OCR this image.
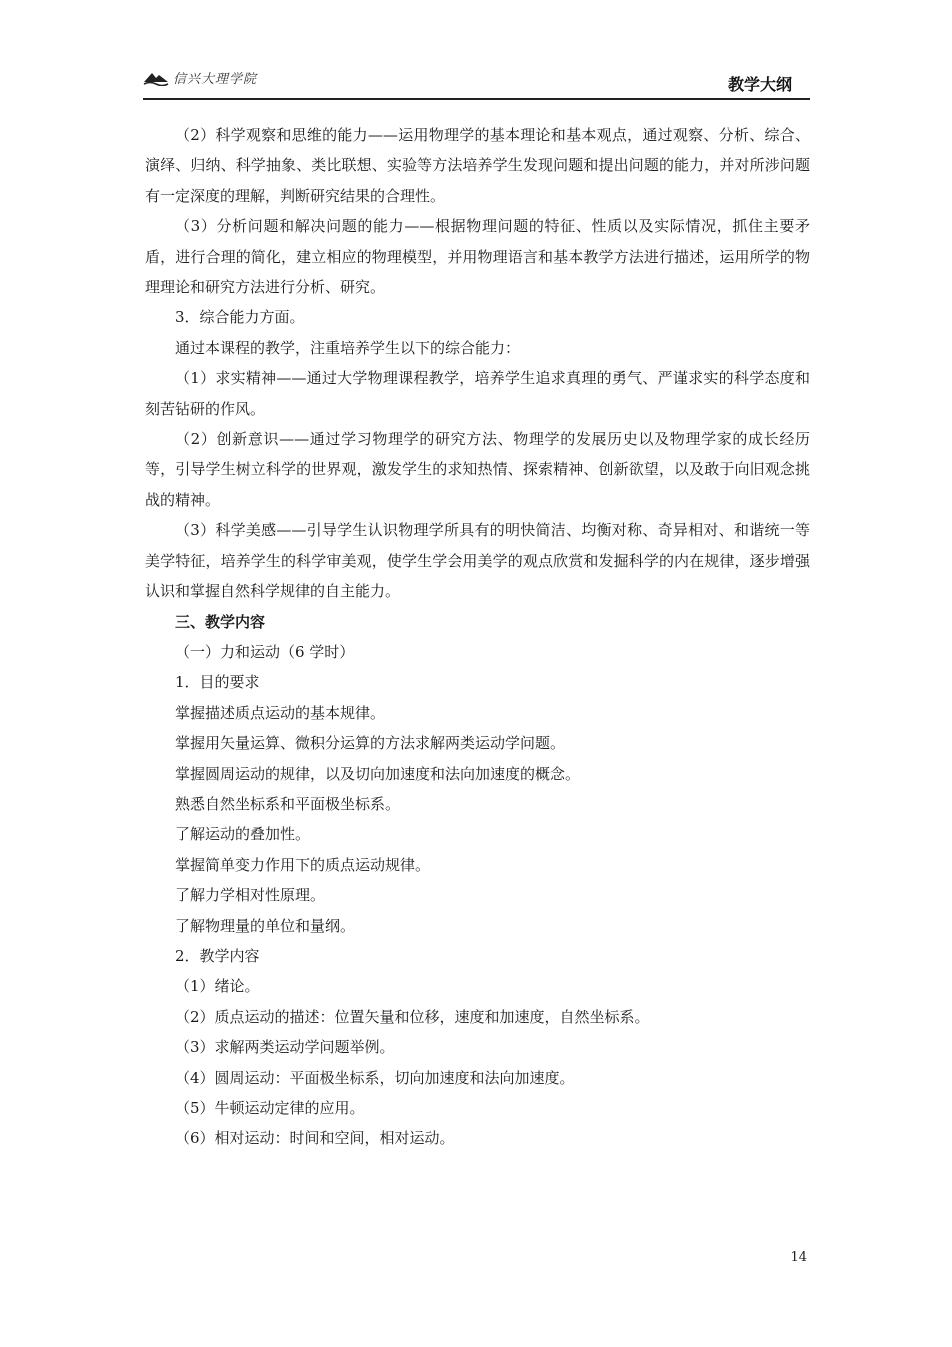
信兴大理学院	教学大纲

（2）科学观察和思维的能力——运用物理学的基本理论和基本观点，通过观察、分析、综合、演绎、归纳、科学抽象、类比联想、实验等方法培养学生发现问题和提出问题的能力，并对所涉问题有一定深度的理解，判断研究结果的合理性。

（3）分析问题和解决问题的能力——根据物理问题的特征、性质以及实际情况，抓住主要矛盾，进行合理的简化，建立相应的物理模型，并用物理语言和基本教学方法进行描述，运用所学的物理理论和研究方法进行分析、研究。

3．综合能力方面。

通过本课程的教学，注重培养学生以下的综合能力：

（1）求实精神——通过大学物理课程教学，培养学生追求真理的勇气、严谨求实的科学态度和刻苦钻研的作风。

（2）创新意识——通过学习物理学的研究方法、物理学的发展历史以及物理学家的成长经历等，引导学生树立科学的世界观，激发学生的求知热情、探索精神、创新欲望，以及敢于向旧观念挑战的精神。

（3）科学美感——引导学生认识物理学所具有的明快简洁、均衡对称、奇异相对、和谐统一等美学特征，培养学生的科学审美观，使学生学会用美学的观点欣赏和发掘科学的内在规律，逐步增强认识和掌握自然科学规律的自主能力。

三、教学内容

（一）力和运动（6 学时）

1．目的要求

掌握描述质点运动的基本规律。

掌握用矢量运算、微积分运算的方法求解两类运动学问题。

掌握圆周运动的规律，以及切向加速度和法向加速度的概念。

熟悉自然坐标系和平面极坐标系。

了解运动的叠加性。

掌握简单变力作用下的质点运动规律。

了解力学相对性原理。

了解物理量的单位和量纲。

2．教学内容

（1）绪论。

（2）质点运动的描述：位置矢量和位移，速度和加速度，自然坐标系。

（3）求解两类运动学问题举例。

（4）圆周运动：平面极坐标系，切向加速度和法向加速度。

（5）牛顿运动定律的应用。

（6）相对运动：时间和空间，相对运动。

14
